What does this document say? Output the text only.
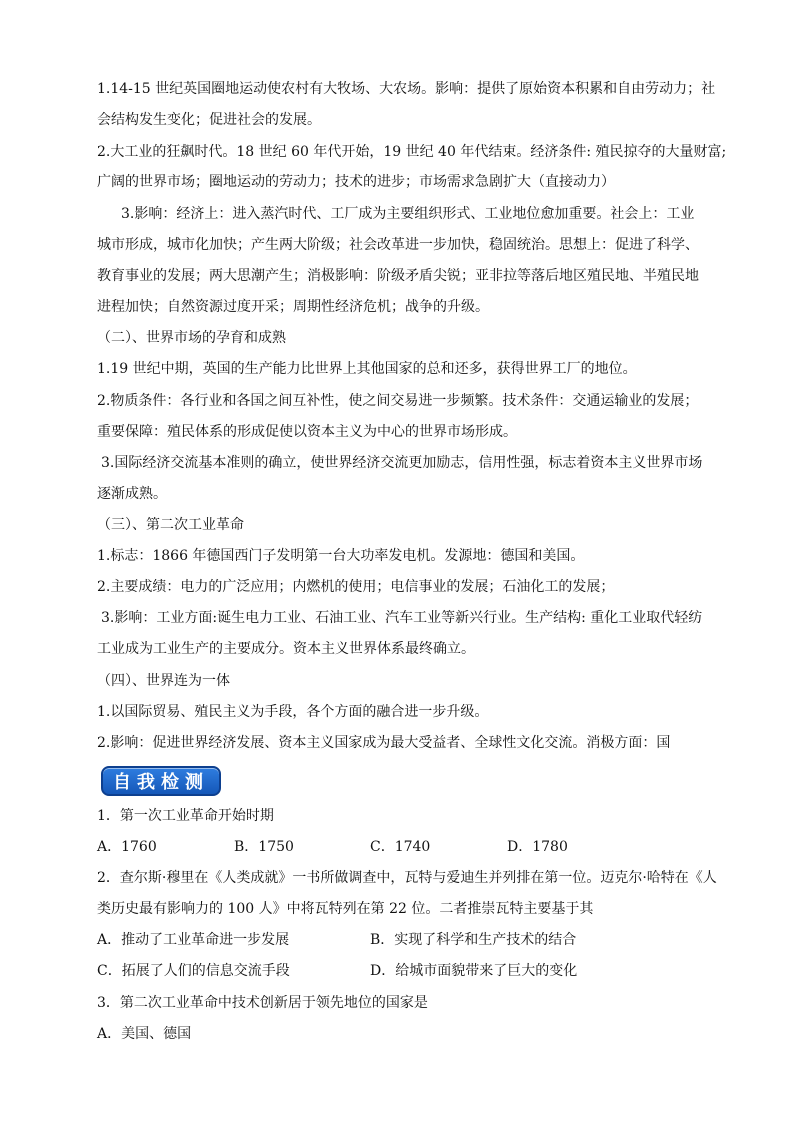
1.14-15 世纪英国圈地运动使农村有大牧场、大农场。影响：提供了原始资本积累和自由劳动力；社
会结构发生变化；促进社会的发展。
2.大工业的狂飙时代。18 世纪 60 年代开始，19 世纪 40 年代结束。经济条件: 殖民掠夺的大量财富;
广阔的世界市场；圈地运动的劳动力；技术的进步；市场需求急剧扩大（直接动力）
3.影响：经济上：进入蒸汽时代、工厂成为主要组织形式、工业地位愈加重要。社会上：工业
城市形成，城市化加快；产生两大阶级；社会改革进一步加快，稳固统治。思想上：促进了科学、
教育事业的发展；两大思潮产生；消极影响：阶级矛盾尖锐；亚非拉等落后地区殖民地、半殖民地
进程加快；自然资源过度开采；周期性经济危机；战争的升级。
（二）、世界市场的孕育和成熟
1.19 世纪中期，英国的生产能力比世界上其他国家的总和还多，获得世界工厂的地位。
2.物质条件：各行业和各国之间互补性，使之间交易进一步频繁。技术条件：交通运输业的发展；
重要保障：殖民体系的形成促使以资本主义为中心的世界市场形成。
3.国际经济交流基本准则的确立，使世界经济交流更加励志，信用性强，标志着资本主义世界市场
逐渐成熟。
（三）、第二次工业革命
1.标志：1866 年德国西门子发明第一台大功率发电机。发源地：德国和美国。
2.主要成绩：电力的广泛应用；内燃机的使用；电信事业的发展；石油化工的发展；
3.影响：工业方面:诞生电力工业、石油工业、汽车工业等新兴行业。生产结构: 重化工业取代轻纺
工业成为工业生产的主要成分。资本主义世界体系最终确立。
（四）、世界连为一体
1.以国际贸易、殖民主义为手段，各个方面的融合进一步升级。
2.影响：促进世界经济发展、资本主义国家成为最大受益者、全球性文化交流。消极方面：国
自我检测
1．第一次工业革命开始时期
A．1760	B．1750	C．1740	D．1780
2．查尔斯·穆里在《人类成就》一书所做调查中，瓦特与爱迪生并列排在第一位。迈克尔·哈特在《人
类历史最有影响力的 100 人》中将瓦特列在第 22 位。二者推崇瓦特主要基于其
A．推动了工业革命进一步发展	B．实现了科学和生产技术的结合
C．拓展了人们的信息交流手段	D．给城市面貌带来了巨大的变化
3．第二次工业革命中技术创新居于领先地位的国家是
A．美国、德国
